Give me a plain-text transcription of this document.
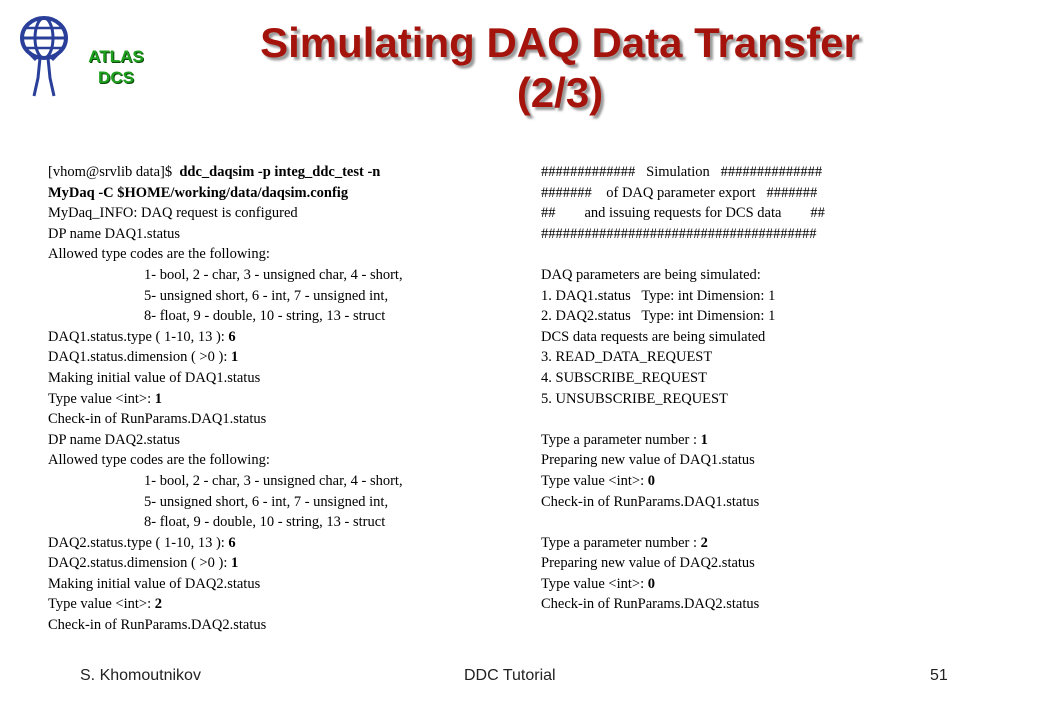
ATLAS
DCS
Simulating DAQ Data Transfer
(2/3)
[vhom@srvlib data]$  ddc_daqsim -p integ_ddc_test -n
MyDaq -C $HOME/working/data/daqsim.config
MyDaq_INFO: DAQ request is configured
DP name DAQ1.status
Allowed type codes are the following:
1- bool, 2 - char, 3 - unsigned char, 4 - short,
5- unsigned short, 6 - int, 7 - unsigned int,
8- float, 9 - double, 10 - string, 13 - struct
DAQ1.status.type ( 1-10, 13 ): 6
DAQ1.status.dimension ( >0 ): 1
Making initial value of DAQ1.status
Type value <int>: 1
Check-in of RunParams.DAQ1.status
DP name DAQ2.status
Allowed type codes are the following:
1- bool, 2 - char, 3 - unsigned char, 4 - short,
5- unsigned short, 6 - int, 7 - unsigned int,
8- float, 9 - double, 10 - string, 13 - struct
DAQ2.status.type ( 1-10, 13 ): 6
DAQ2.status.dimension ( >0 ): 1
Making initial value of DAQ2.status
Type value <int>: 2
Check-in of RunParams.DAQ2.status
#############   Simulation   ##############
#######    of DAQ parameter export   #######
##        and issuing requests for DCS data        ##
######################################
DAQ parameters are being simulated:
1. DAQ1.status   Type: int Dimension: 1
2. DAQ2.status   Type: int Dimension: 1
DCS data requests are being simulated
3. READ_DATA_REQUEST
4. SUBSCRIBE_REQUEST
5. UNSUBSCRIBE_REQUEST
Type a parameter number : 1
Preparing new value of DAQ1.status
Type value <int>: 0
Check-in of RunParams.DAQ1.status
Type a parameter number : 2
Preparing new value of DAQ2.status
Type value <int>: 0
Check-in of RunParams.DAQ2.status
S. Khomoutnikov	DDC Tutorial	51
